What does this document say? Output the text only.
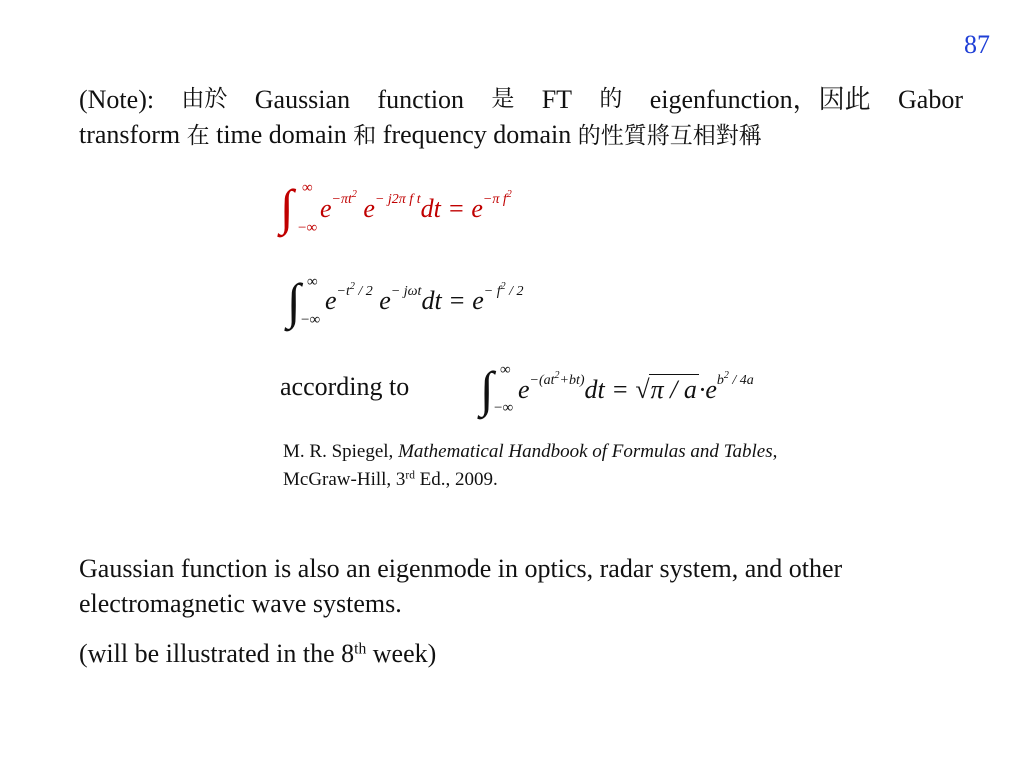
87
(Note): 由於 Gaussian function 是 FT 的 eigenfunction，因此 Gabor
transform 在 time domain 和 frequency domain 的性質將互相對稱
∫ ∞
−∞
$e^{-\pi t^2}$ $e^{- j2\pi f t}dt = e^{-\pi f^2}$
∫ ∞
−∞
$e^{-t^2 / 2}$ $e^{- j\omega t}dt = e^{- f^2 / 2}$
according to ∫ ∞
−∞
$e^{-(at^2+bt)}dt = √\pi / a\cdot e^{b^2 / 4a}$
M. R. Spiegel, Mathematical Handbook of Formulas and Tables,
McGraw-Hill, 3rd Ed., 2009.

Gaussian function is also an eigenmode in optics, radar system, and other electromagnetic wave systems.

(will be illustrated in the 8th week)
